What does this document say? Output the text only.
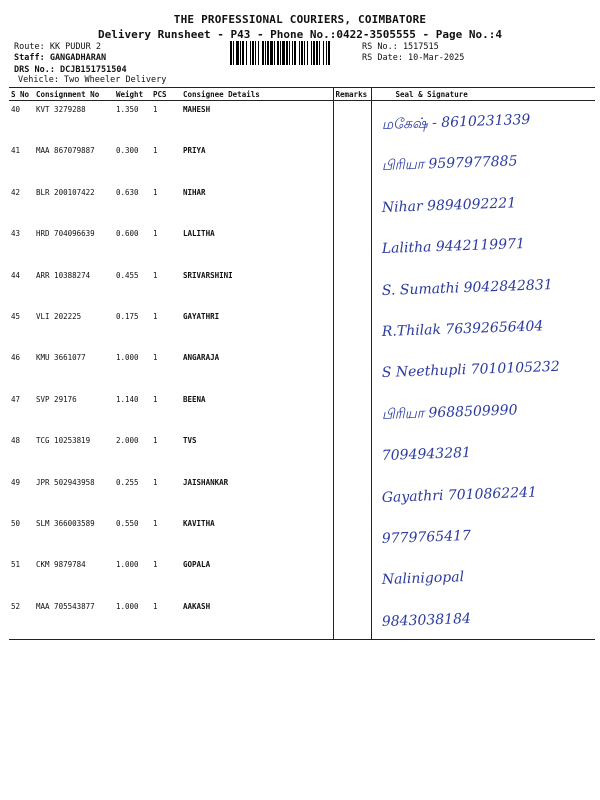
THE PROFESSIONAL COURIERS, COIMBATORE
Delivery Runsheet - P43 - Phone No.:0422-3505555 - Page No.:4
Route: KK PUDUR 2
Staff: GANGADHARAN
DRS No.: DCJB151751504
Vehicle: Two Wheeler Delivery
RS No.: 1517515
RS Date: 10-Mar-2025
S No	Consignment No	Weight	PCS	Consignee Details	Remarks	Seal & Signature
40	KVT 3279288	1.350	1	MAHESH		மகேஷ் - 8610231339

41	MAA 867079887	0.300	1	PRIYA		பிரியா 9597977885

42	BLR 200107422	0.630	1	NIHAR		Nihar 9894092221

43	HRD 704096639	0.600	1	LALITHA		Lalitha 9442119971

44	ARR 10388274	0.455	1	SRIVARSHINI		S. Sumathi 9042842831

45	VLI 202225	0.175	1	GAYATHRI		R.Thilak 76392656404

46	KMU 3661077	1.000	1	ANGARAJA		S Neethupli 7010105232

47	SVP 29176	1.140	1	BEENA		பிரியா 9688509990

48	TCG 10253819	2.000	1	TVS		7094943281

49	JPR 502943958	0.255	1	JAISHANKAR		Gayathri 7010862241

50	SLM 366003589	0.550	1	KAVITHA		9779765417

51	CKM 9879784	1.000	1	GOPALA		Nalinigopal

52	MAA 705543877	1.000	1	AAKASH		9843038184
